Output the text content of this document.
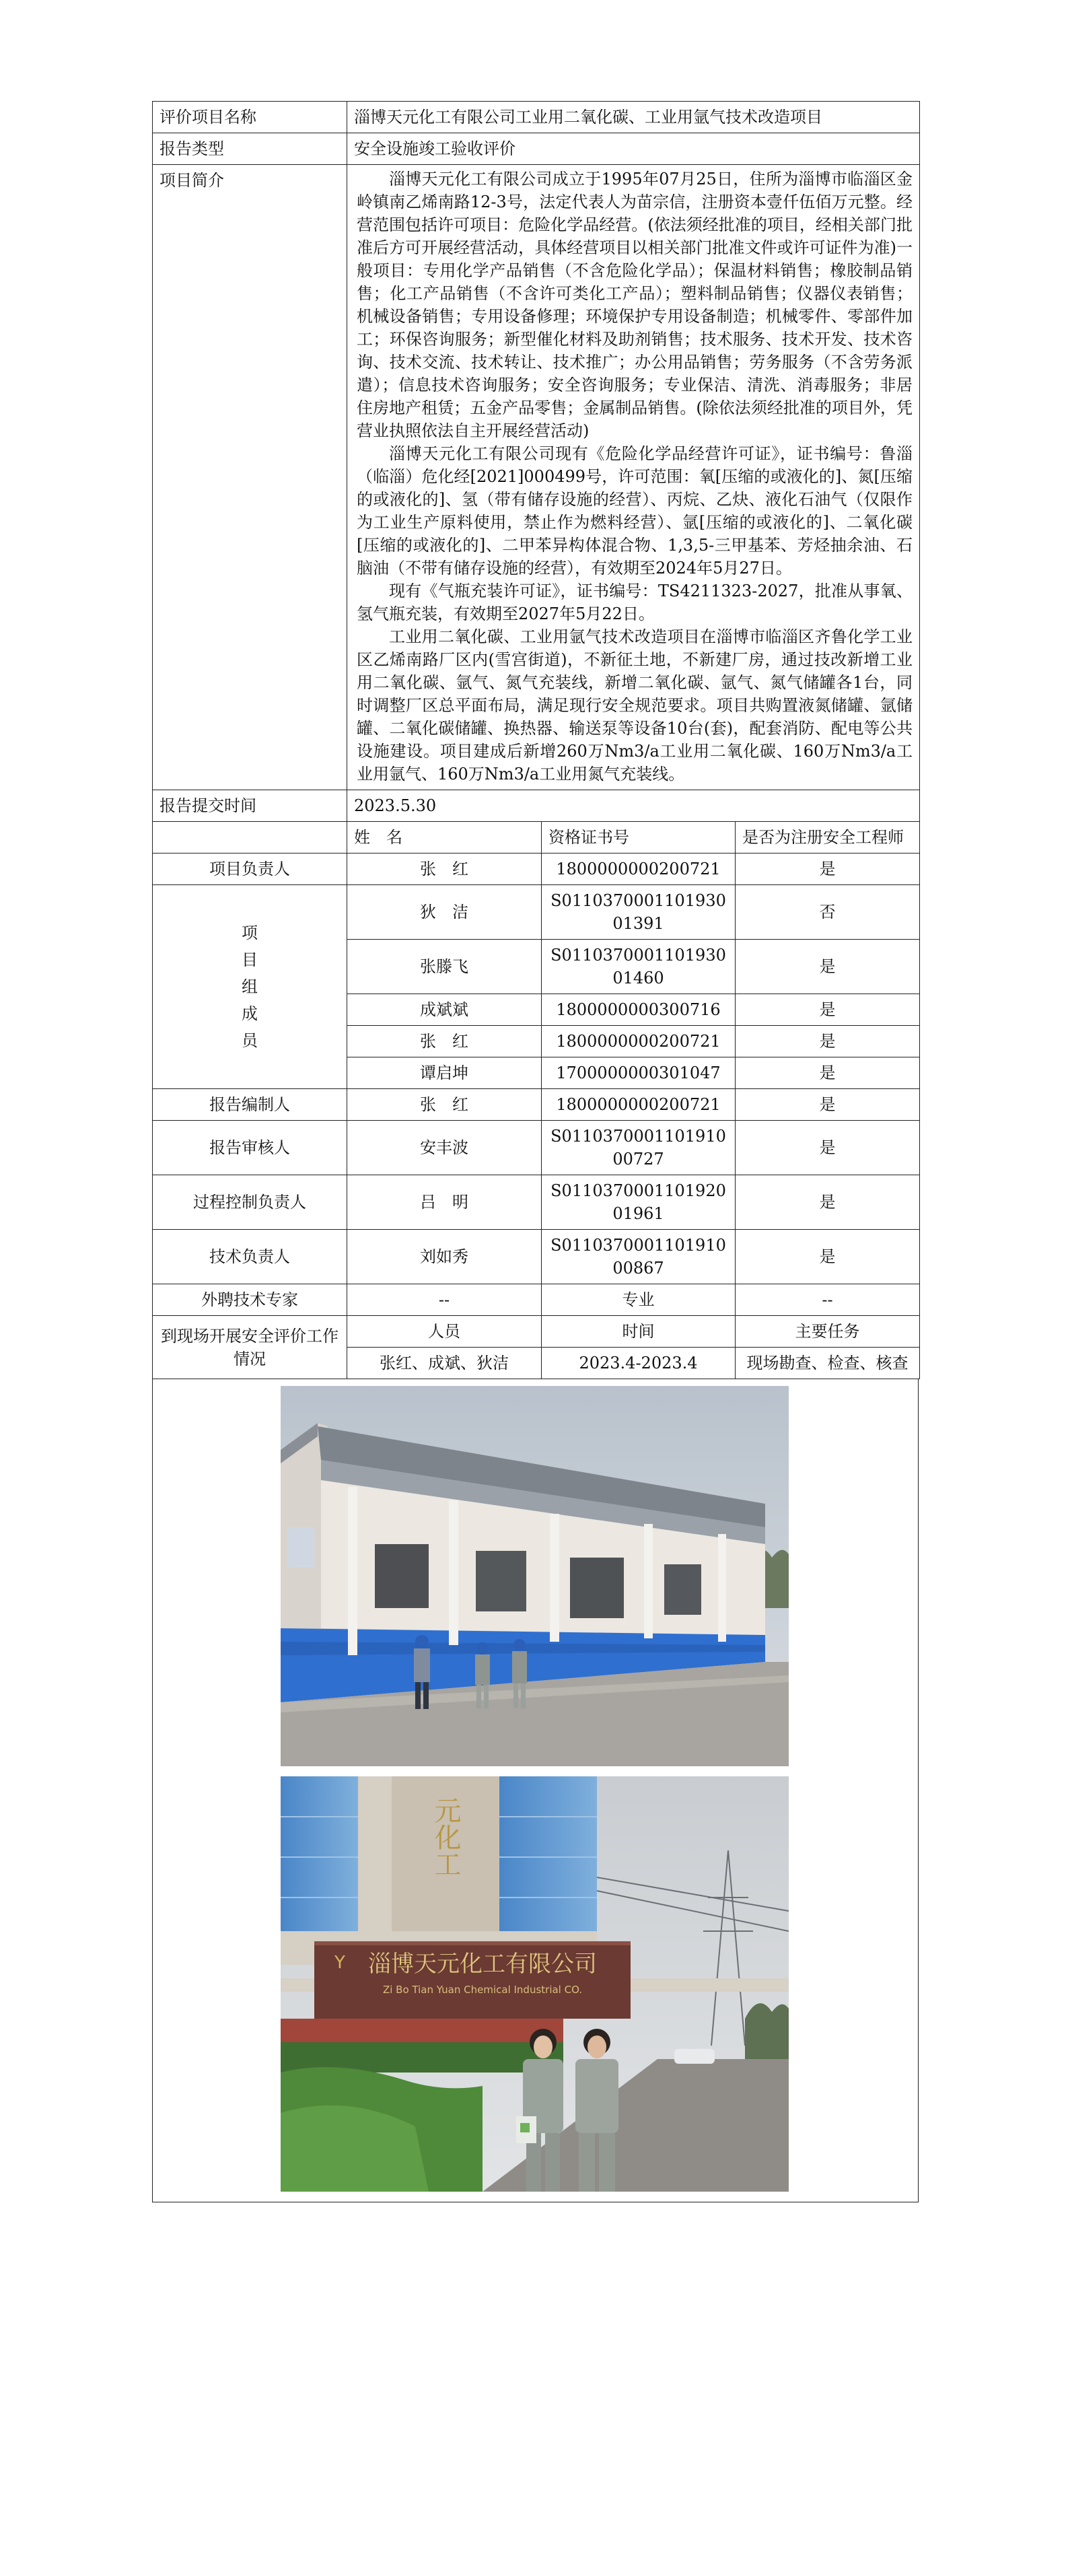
评价项目名称	淄博天元化工有限公司工业用二氧化碳、工业用氩气技术改造项目		
报告类型	安全设施竣工验收评价		
项目简介	淄博天元化工有限公司成立于1995年07月25日，住所为淄博市临淄区金岭镇南乙烯南路12-3号，法定代表人为苗宗信，注册资本壹仟伍佰万元整。经营范围包括许可项目：危险化学品经营。(依法须经批准的项目，经相关部门批准后方可开展经营活动，具体经营项目以相关部门批准文件或许可证件为准)一般项目：专用化学产品销售（不含危险化学品）；保温材料销售；橡胶制品销售；化工产品销售（不含许可类化工产品）；塑料制品销售；仪器仪表销售；机械设备销售；专用设备修理；环境保护专用设备制造；机械零件、零部件加工；环保咨询服务；新型催化材料及助剂销售；技术服务、技术开发、技术咨询、技术交流、技术转让、技术推广；办公用品销售；劳务服务（不含劳务派遣）；信息技术咨询服务；安全咨询服务；专业保洁、清洗、消毒服务；非居住房地产租赁；五金产品零售；金属制品销售。(除依法须经批准的项目外，凭营业执照依法自主开展经营活动)

淄博天元化工有限公司现有《危险化学品经营许可证》，证书编号：鲁淄（临淄）危化经[2021]000499号，许可范围：氧[压缩的或液化的]、氮[压缩的或液化的]、氢（带有储存设施的经营）、丙烷、乙炔、液化石油气（仅限作为工业生产原料使用，禁止作为燃料经营）、氩[压缩的或液化的]、二氧化碳[压缩的或液化的]、二甲苯异构体混合物、1,3,5-三甲基苯、芳烃抽余油、石脑油（不带有储存设施的经营），有效期至2024年5月27日。

现有《气瓶充装许可证》，证书编号：TS4211323-2027，批准从事氧、氢气瓶充装，有效期至2027年5月22日。

工业用二氧化碳、工业用氩气技术改造项目在淄博市临淄区齐鲁化学工业区乙烯南路厂区内(雪宫街道)，不新征土地，不新建厂房，通过技改新增工业用二氧化碳、氩气、氮气充装线，新增二氧化碳、氩气、氮气储罐各1台，同时调整厂区总平面布局，满足现行安全规范要求。项目共购置液氮储罐、氩储罐、二氧化碳储罐、换热器、输送泵等设备10台(套)，配套消防、配电等公共设施建设。项目建成后新增260万Nm3/a工业用二氧化碳、160万Nm3/a工业用氩气、160万Nm3/a工业用氮气充装线。		

报告提交时间	2023.5.30		
	姓　名	资格证书号	是否为注册安全工程师
项目负责人	张　红	1800000000200721	是

项
目
组
成
员	狄　洁	S011037000110193001391	否
	张滕飞	S011037000110193001460	是
	成斌斌	1800000000300716	是
	张　红	1800000000200721	是
	谭启坤	1700000000301047	是
报告编制人	张　红	1800000000200721	是
报告审核人	安丰波	S011037000110191000727	是
过程控制负责人	吕　明	S011037000110192001961	是
技术负责人	刘如秀	S011037000110191000867	是
外聘技术专家	--	专业	--
到现场开展安全评价工作情况	人员	时间	主要任务
	张红、成斌、狄洁	2023.4-2023.4	现场勘查、检查、核查
元化工
Y 淄博天元化工有限公司
Zi Bo Tian Yuan Chemical Industrial CO.
